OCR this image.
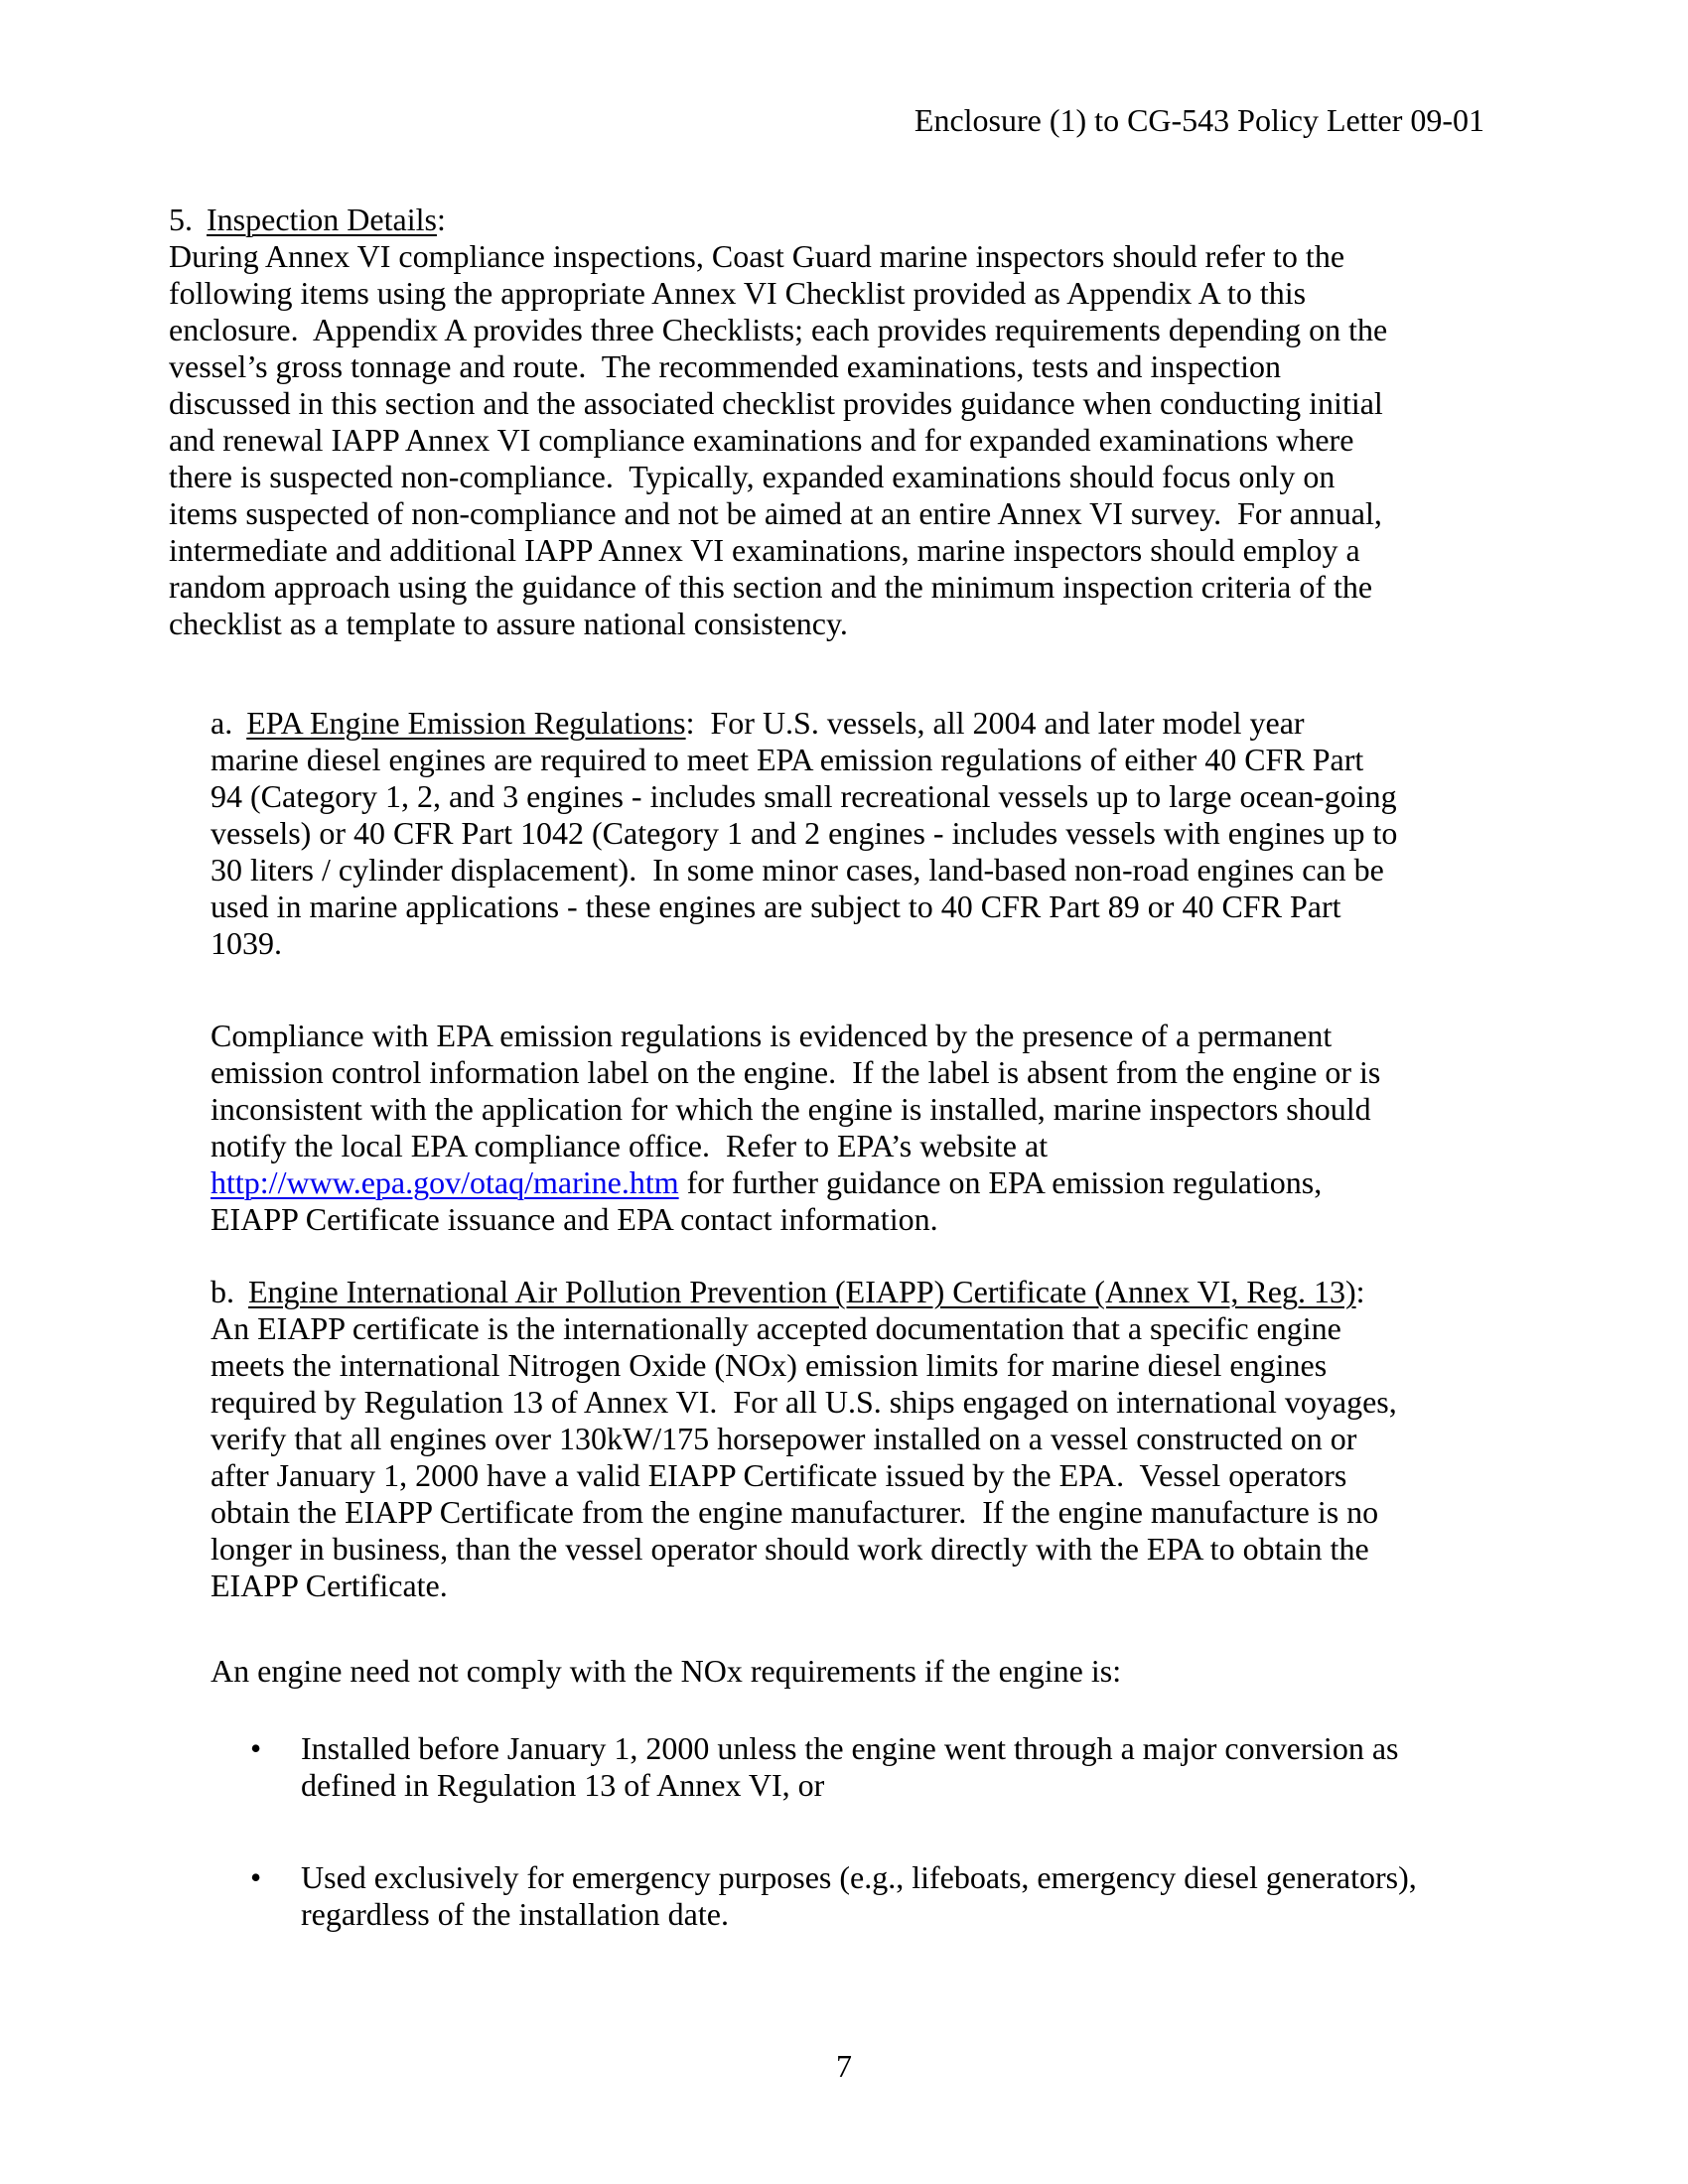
Enclosure (1) to CG-543 Policy Letter 09-01
5. Inspection Details:
During Annex VI compliance inspections, Coast Guard marine inspectors should refer to the
following items using the appropriate Annex VI Checklist provided as Appendix A to this
enclosure.  Appendix A provides three Checklists; each provides requirements depending on the
vessel’s gross tonnage and route.  The recommended examinations, tests and inspection
discussed in this section and the associated checklist provides guidance when conducting initial
and renewal IAPP Annex VI compliance examinations and for expanded examinations where
there is suspected non-compliance.  Typically, expanded examinations should focus only on
items suspected of non-compliance and not be aimed at an entire Annex VI survey.  For annual,
intermediate and additional IAPP Annex VI examinations, marine inspectors should employ a
random approach using the guidance of this section and the minimum inspection criteria of the
checklist as a template to assure national consistency.
a. EPA Engine Emission Regulations:  For U.S. vessels, all 2004 and later model year
marine diesel engines are required to meet EPA emission regulations of either 40 CFR Part
94 (Category 1, 2, and 3 engines - includes small recreational vessels up to large ocean-going
vessels) or 40 CFR Part 1042 (Category 1 and 2 engines - includes vessels with engines up to
30 liters / cylinder displacement).  In some minor cases, land-based non-road engines can be
used in marine applications - these engines are subject to 40 CFR Part 89 or 40 CFR Part
1039.
Compliance with EPA emission regulations is evidenced by the presence of a permanent
emission control information label on the engine.  If the label is absent from the engine or is
inconsistent with the application for which the engine is installed, marine inspectors should
notify the local EPA compliance office.  Refer to EPA’s website at
http://www.epa.gov/otaq/marine.htm for further guidance on EPA emission regulations,
EIAPP Certificate issuance and EPA contact information.
b. Engine International Air Pollution Prevention (EIAPP) Certificate (Annex VI, Reg. 13):
An EIAPP certificate is the internationally accepted documentation that a specific engine
meets the international Nitrogen Oxide (NOx) emission limits for marine diesel engines
required by Regulation 13 of Annex VI.  For all U.S. ships engaged on international voyages,
verify that all engines over 130kW/175 horsepower installed on a vessel constructed on or
after January 1, 2000 have a valid EIAPP Certificate issued by the EPA.  Vessel operators
obtain the EIAPP Certificate from the engine manufacturer.  If the engine manufacture is no
longer in business, than the vessel operator should work directly with the EPA to obtain the
EIAPP Certificate.
An engine need not comply with the NOx requirements if the engine is:
•	Installed before January 1, 2000 unless the engine went through a major conversion as
defined in Regulation 13 of Annex VI, or
•	Used exclusively for emergency purposes (e.g., lifeboats, emergency diesel generators),
regardless of the installation date.
7
